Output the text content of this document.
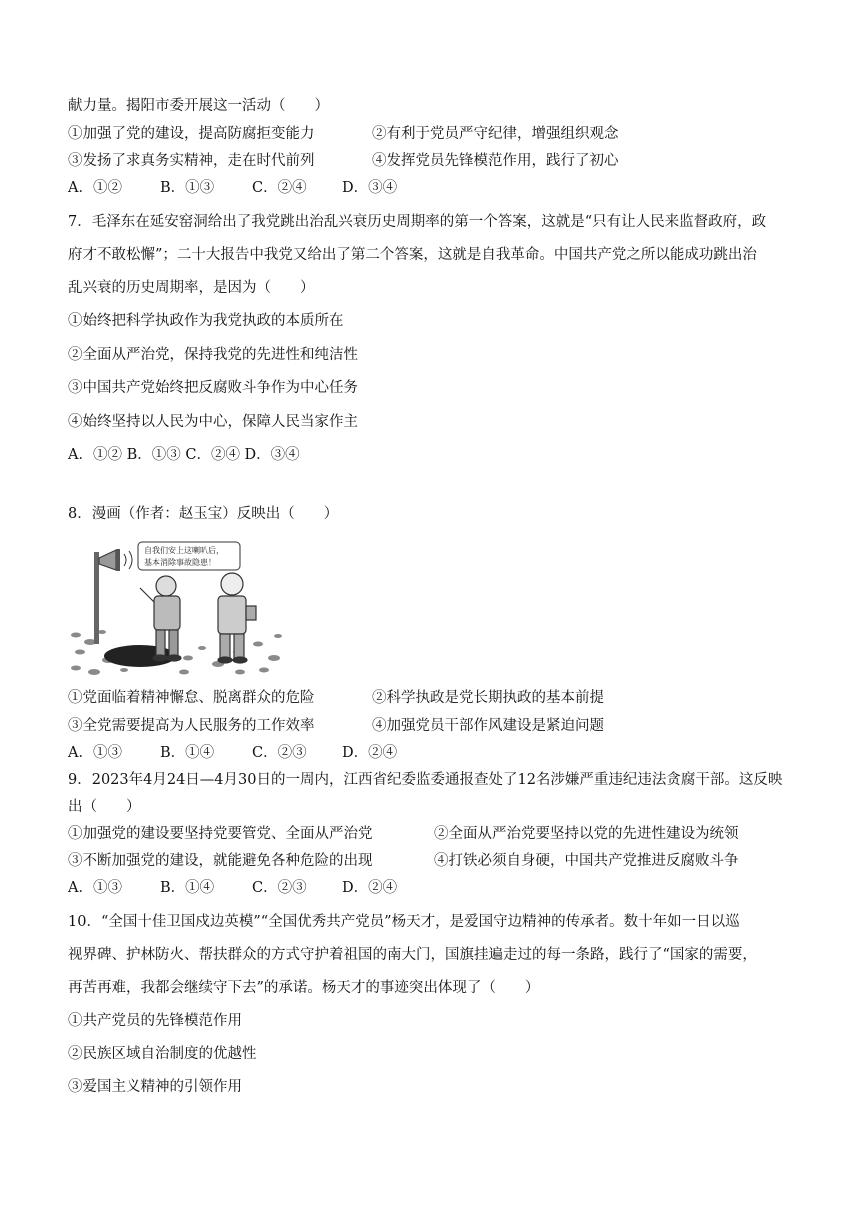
献力量。揭阳市委开展这一活动（　　）
①加强了党的建设，提高防腐拒变能力	②有利于党员严守纪律，增强组织观念
③发扬了求真务实精神，走在时代前列	④发挥党员先锋模范作用，践行了初心
A．①②	B．①③	C．②④ D．③④
7．毛泽东在延安窑洞给出了我党跳出治乱兴衰历史周期率的第一个答案，这就是“只有让人民来监督政府，政
府才不敢松懈”；二十大报告中我党又给出了第二个答案，这就是自我革命。中国共产党之所以能成功跳出治
乱兴衰的历史周期率，是因为（　　）
①始终把科学执政作为我党执政的本质所在
②全面从严治党，保持我党的先进性和纯洁性
③中国共产党始终把反腐败斗争作为中心任务
④始终坚持以人民为中心，保障人民当家作主
A．①② B．①③ C．②④ D．③④
8．漫画（作者：赵玉宝）反映出（　　）
自我们安上这喇叭后，
基本消除事故隐患！
①党面临着精神懈怠、脱离群众的危险	②科学执政是党长期执政的基本前提
③全党需要提高为人民服务的工作效率	④加强党员干部作风建设是紧迫问题
A．①③	B．①④	C．②③ D．②④
9．2023年4月24日—4月30日的一周内，江西省纪委监委通报查处了12名涉嫌严重违纪违法贪腐干部。这反映
出（　　）
①加强党的建设要坚持党要管党、全面从严治党	②全面从严治党要坚持以党的先进性建设为统领
③不断加强党的建设，就能避免各种危险的出现	④打铁必须自身硬，中国共产党推进反腐败斗争
A．①③	B．①④	C．②③ D．②④
10．“全国十佳卫国戍边英模”“全国优秀共产党员”杨天才，是爱国守边精神的传承者。数十年如一日以巡
视界碑、护林防火、帮扶群众的方式守护着祖国的南大门，国旗挂遍走过的每一条路，践行了“国家的需要，
再苦再难，我都会继续守下去”的承诺。杨天才的事迹突出体现了（　　）
①共产党员的先锋模范作用
②民族区域自治制度的优越性
③爱国主义精神的引领作用
